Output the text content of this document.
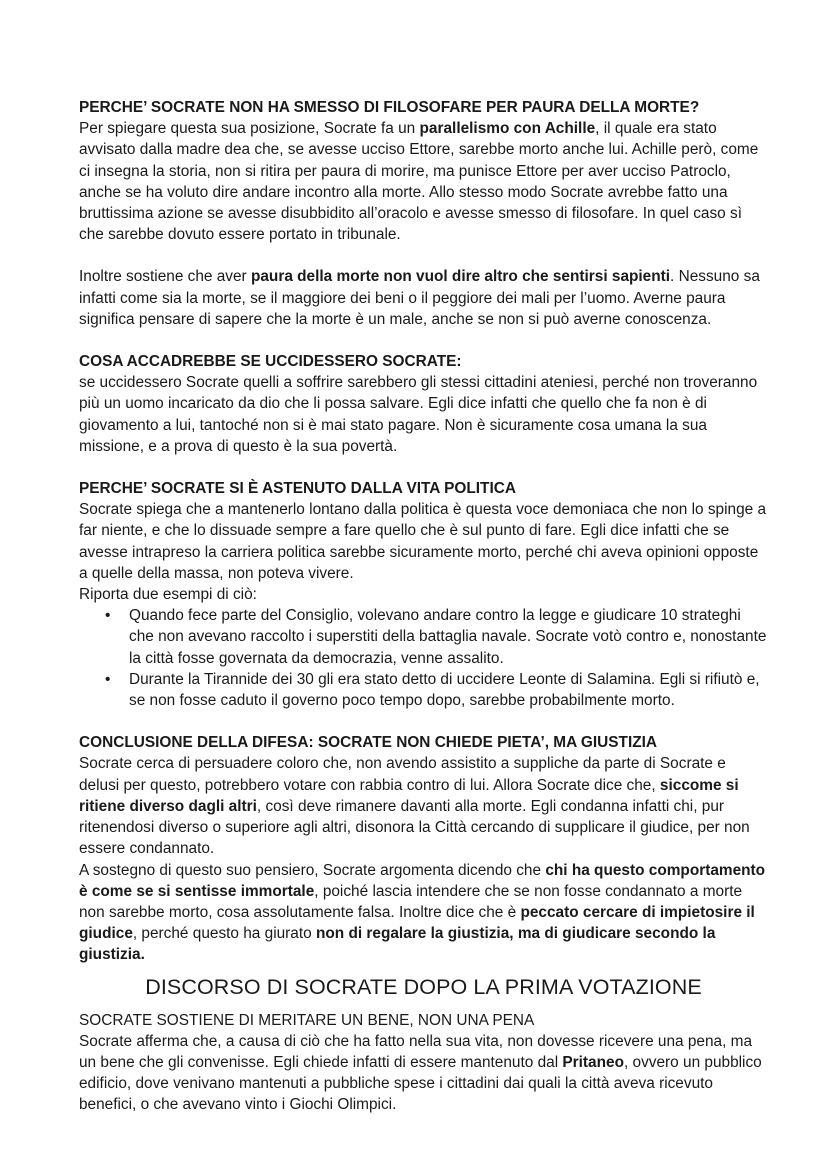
PERCHE’ SOCRATE NON HA SMESSO DI FILOSOFARE PER PAURA DELLA MORTE?

Per spiegare questa sua posizione, Socrate fa un parallelismo con Achille, il quale era stato avvisato dalla madre dea che, se avesse ucciso Ettore, sarebbe morto anche lui. Achille però, come ci insegna la storia, non si ritira per paura di morire, ma punisce Ettore per aver ucciso Patroclo, anche se ha voluto dire andare incontro alla morte. Allo stesso modo Socrate avrebbe fatto una bruttissima azione se avesse disubbidito all’oracolo e avesse smesso di filosofare. In quel caso sì che sarebbe dovuto essere portato in tribunale.

Inoltre sostiene che aver paura della morte non vuol dire altro che sentirsi sapienti. Nessuno sa infatti come sia la morte, se il maggiore dei beni o il peggiore dei mali per l’uomo. Averne paura significa pensare di sapere che la morte è un male, anche se non si può averne conoscenza.

COSA ACCADREBBE SE UCCIDESSERO SOCRATE:

se uccidessero Socrate quelli a soffrire sarebbero gli stessi cittadini ateniesi, perché non troveranno più un uomo incaricato da dio che li possa salvare. Egli dice infatti che quello che fa non è di giovamento a lui, tantoché non si è mai stato pagare. Non è sicuramente cosa umana la sua missione, e a prova di questo è la sua povertà.

PERCHE’ SOCRATE SI È ASTENUTO DALLA VITA POLITICA

Socrate spiega che a mantenerlo lontano dalla politica è questa voce demoniaca che non lo spinge a far niente, e che lo dissuade sempre a fare quello che è sul punto di fare. Egli dice infatti che se avesse intrapreso la carriera politica sarebbe sicuramente morto, perché chi aveva opinioni opposte a quelle della massa, non poteva vivere.

Riporta due esempi di ciò:

• Quando fece parte del Consiglio, volevano andare contro la legge e giudicare 10 strateghi che non avevano raccolto i superstiti della battaglia navale. Socrate votò contro e, nonostante la città fosse governata da democrazia, venne assalito.
• Durante la Tirannide dei 30 gli era stato detto di uccidere Leonte di Salamina. Egli si rifiutò e, se non fosse caduto il governo poco tempo dopo, sarebbe probabilmente morto.

CONCLUSIONE DELLA DIFESA: SOCRATE NON CHIEDE PIETA’, MA GIUSTIZIA

Socrate cerca di persuadere coloro che, non avendo assistito a suppliche da parte di Socrate e delusi per questo, potrebbero votare con rabbia contro di lui. Allora Socrate dice che, siccome si ritiene diverso dagli altri, così deve rimanere davanti alla morte. Egli condanna infatti chi, pur ritenendosi diverso o superiore agli altri, disonora la Città cercando di supplicare il giudice, per non essere condannato.

A sostegno di questo suo pensiero, Socrate argomenta dicendo che chi ha questo comportamento è come se si sentisse immortale, poiché lascia intendere che se non fosse condannato a morte non sarebbe morto, cosa assolutamente falsa. Inoltre dice che è peccato cercare di impietosire il giudice, perché questo ha giurato non di regalare la giustizia, ma di giudicare secondo la giustizia.

DISCORSO DI SOCRATE DOPO LA PRIMA VOTAZIONE

SOCRATE SOSTIENE DI MERITARE UN BENE, NON UNA PENA

Socrate afferma che, a causa di ciò che ha fatto nella sua vita, non dovesse ricevere una pena, ma un bene che gli convenisse. Egli chiede infatti di essere mantenuto dal Pritaneo, ovvero un pubblico edificio, dove venivano mantenuti a pubbliche spese i cittadini dai quali la città aveva ricevuto benefici, o che avevano vinto i Giochi Olimpici.
